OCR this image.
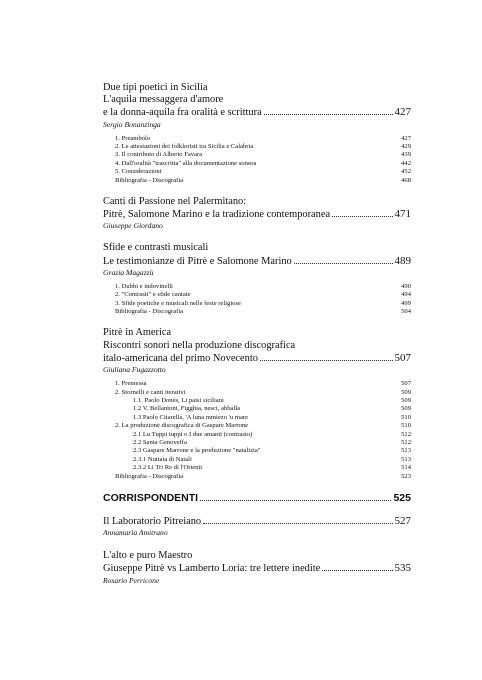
Due tipi poetici in Sicilia
L'aquila messaggera d'amore
e la donna-aquila fra oralità e scrittura	427
Sergio Bonanzinga
1. Preambolo	427
2. Le attestazioni dei folkloristi tra Sicilia e Calabria	429
3. Il contributo di Alberto Favara	439
4. Dall'oralità "trascritta" alla documentazione sonora	442
5. Considerazioni	452
Bibliografia - Discografia	468
Canti di Passione nel Palermitano:
Pitrè, Salomone Marino e la tradizione contemporanea	471
Giuseppe Giordano
Sfide e contrasti musicali
Le testimonianze di Pitrè e Salomone Marino	489
Grazia Magazzù
1. Dubbi e indovinelli	490
2. "Contrasti" e sfide cantate	494
3. Sfide poetiche e musicali nelle feste religiose	499
Bibliografia - Discografia	504
Pitrè in America
Riscontri sonori nella produzione discografica
italo-americana del primo Novecento	507
Giuliana Fugazzotto
1. Premessa	507
2. Stornelli e canti iterativi	509
1.1. Paolo Dones, Li paisi siciliani	509
1.2 V. Bellantoni, Figghia, nesci, abballa	509
1.3 Paolo Citarella, 'A luna mmiezo 'u mare	510
2. La produzione discografica di Gaspare Marrone	510
2.1 Lu Tuppi tuppi o I due amanti (contrasto)	512
2.2 Santa Genoveffa	512
2.3 Gaspare Marrone e la produzione "natalizia"	513
2.3.1 Nuttata di Natali	513
2.3.2 Li Tri Re di l'Orienti	514
Bibliografia - Discografia	523
CORRISPONDENTI	525
Il Laboratorio Pitreiano	527
Annamaria Amitrano
L'alto e puro Maestro
Giuseppe Pitrè vs Lamberto Loria: tre lettere inedite	535
Rosario Perricone
